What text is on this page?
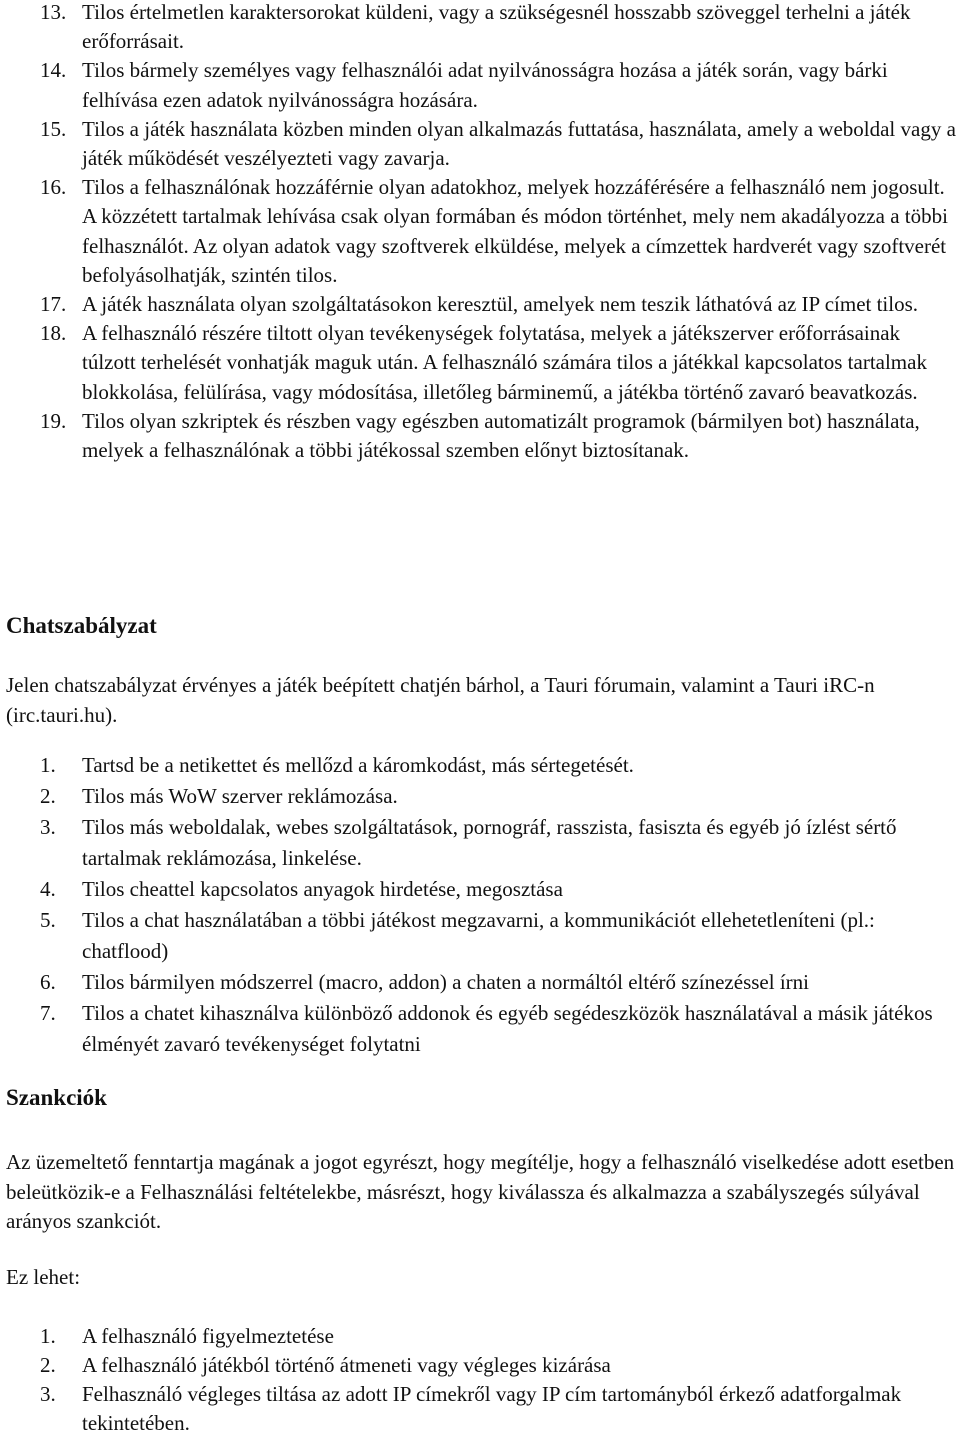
13. Tilos értelmetlen karaktersorokat küldeni, vagy a szükségesnél hosszabb szöveggel terhelni a játék erőforrásait.
14. Tilos bármely személyes vagy felhasználói adat nyilvánosságra hozása a játék során, vagy bárki felhívása ezen adatok nyilvánosságra hozására.
15. Tilos a játék használata közben minden olyan alkalmazás futtatása, használata, amely a weboldal vagy a játék működését veszélyezteti vagy zavarja.
16. Tilos a felhasználónak hozzáférnie olyan adatokhoz, melyek hozzáférésére a felhasználó nem jogosult. A közzétett tartalmak lehívása csak olyan formában és módon történhet, mely nem akadályozza a többi felhasználót. Az olyan adatok vagy szoftverek elküldése, melyek a címzettek hardverét vagy szoftverét befolyásolhatják, szintén tilos.
17. A játék használata olyan szolgáltatásokon keresztül, amelyek nem teszik láthatóvá az IP címet tilos.
18. A felhasználó részére tiltott olyan tevékenységek folytatása, melyek a játékszerver erőforrásainak túlzott terhelését vonhatják maguk után. A felhasználó számára tilos a játékkal kapcsolatos tartalmak blokkolása, felülírása, vagy módosítása, illetőleg bárminemű, a játékba történő zavaró beavatkozás.
19. Tilos olyan szkriptek és részben vagy egészben automatizált programok (bármilyen bot) használata, melyek a felhasználónak a többi játékossal szemben előnyt biztosítanak.
Chatszabályzat

Jelen chatszabályzat érvényes a játék beépített chatjén bárhol, a Tauri fórumain, valamint a Tauri iRC-n (irc.tauri.hu).

1. Tartsd be a netikettet és mellőzd a káromkodást, más sértegetését.
2. Tilos más WoW szerver reklámozása.
3. Tilos más weboldalak, webes szolgáltatások, pornográf, rasszista, fasiszta és egyéb jó ízlést sértő tartalmak reklámozása, linkelése.
4. Tilos cheattel kapcsolatos anyagok hirdetése, megosztása
5. Tilos a chat használatában a többi játékost megzavarni, a kommunikációt ellehetetleníteni (pl.: chatflood)
6. Tilos bármilyen módszerrel (macro, addon) a chaten a normáltól eltérő színezéssel írni
7. Tilos a chatet kihasználva különböző addonok és egyéb segédeszközök használatával a másik játékos élményét zavaró tevékenységet folytatni
Szankciók

Az üzemeltető fenntartja magának a jogot egyrészt, hogy megítélje, hogy a felhasználó viselkedése adott esetben beleütközik-e a Felhasználási feltételekbe, másrészt, hogy kiválassza és alkalmazza a szabályszegés súlyával arányos szankciót.

Ez lehet:

1. A felhasználó figyelmeztetése
2. A felhasználó játékból történő átmeneti vagy végleges kizárása
3. Felhasználó végleges tiltása az adott IP címekről vagy IP cím tartományból érkező adatforgalmak tekintetében.
